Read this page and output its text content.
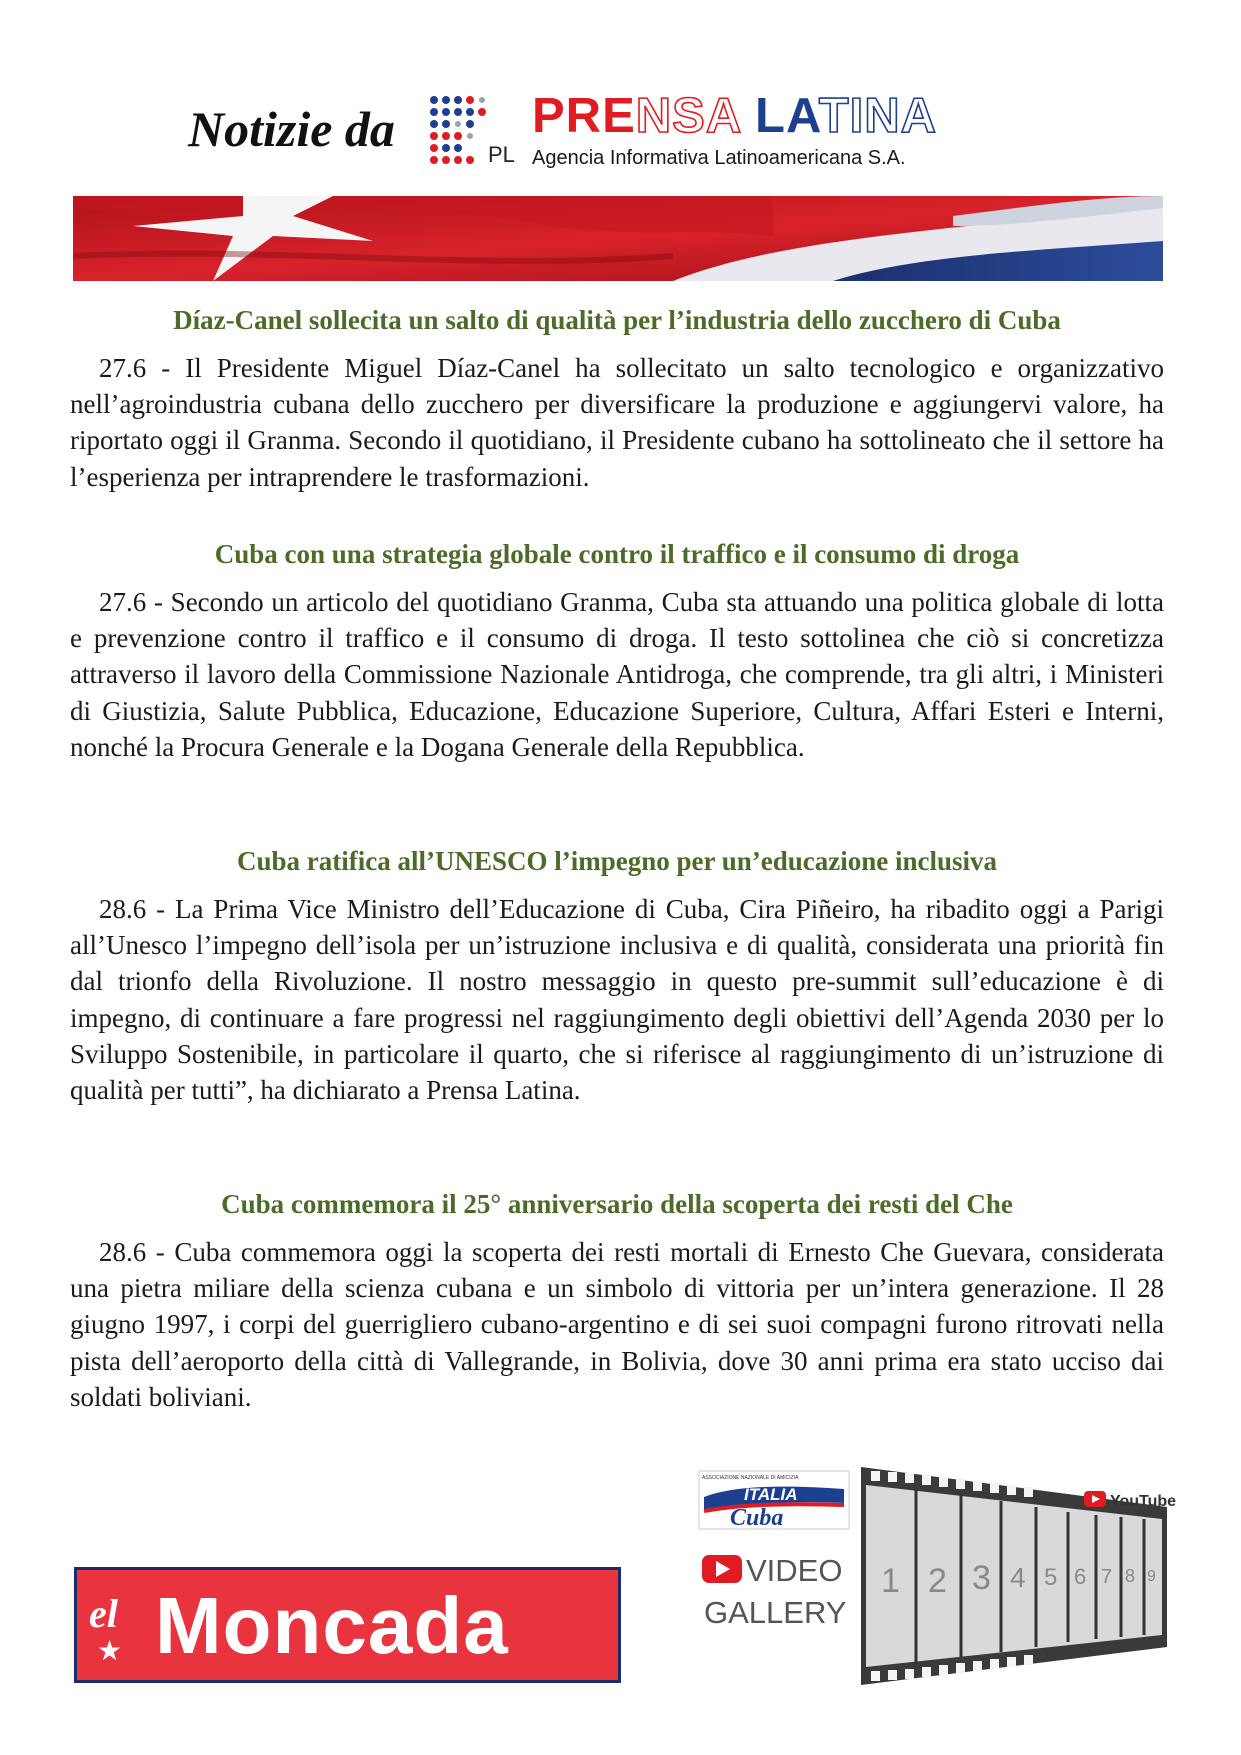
Notizie da	PL
PRENSA LATINA
Agencia Informativa Latinoamericana S.A.

Díaz-Canel sollecita un salto di qualità per l’industria dello zucchero di Cuba

27.6 - Il Presidente Miguel Díaz-Canel ha sollecitato un salto tecnologico e organizzativo nell’agroindustria cubana dello zucchero per diversificare la produzione e aggiungervi valore, ha riportato oggi il Granma. Secondo il quotidiano, il Presidente cubano ha sottolineato che il settore ha l’esperienza per intraprendere le trasformazioni.

Cuba con una strategia globale contro il traffico e il consumo di droga

27.6 - Secondo un articolo del quotidiano Granma, Cuba sta attuando una politica globale di lotta e prevenzione contro il traffico e il consumo di droga. Il testo sottolinea che ciò si concretizza attraverso il lavoro della Commissione Nazionale Antidroga, che comprende, tra gli altri, i Ministeri di Giustizia, Salute Pubblica, Educazione, Educazione Superiore, Cultura, Affari Esteri e Interni, nonché la Procura Generale e la Dogana Generale della Repubblica.

Cuba ratifica all’UNESCO l’impegno per un’educazione inclusiva

28.6 - La Prima Vice Ministro dell’Educazione di Cuba, Cira Piñeiro, ha ribadito oggi a Parigi all’Unesco l’impegno dell’isola per un’istruzione inclusiva e di qualità, considerata una priorità fin dal trionfo della Rivoluzione. Il nostro messaggio in questo pre-summit sull’educazione è di impegno, di continuare a fare progressi nel raggiungimento degli obiettivi dell’Agenda 2030 per lo Sviluppo Sostenibile, in particolare il quarto, che si riferisce al raggiungimento di un’istruzione di qualità per tutti”, ha dichiarato a Prensa Latina.

Cuba commemora il 25° anniversario della scoperta dei resti del Che

28.6 - Cuba commemora oggi la scoperta dei resti mortali di Ernesto Che Guevara, considerata una pietra miliare della scienza cubana e un simbolo di vittoria per un’intera generazione. Il 28 giugno 1997, i corpi del guerrigliero cubano-argentino e di sei suoi compagni furono ritrovati nella pista dell’aeroporto della città di Vallegrande, in Bolivia, dove 30 anni prima era stato ucciso dai soldati boliviani.

el
★ Moncada	1 2 3 4 5 6 7 8 9
ASSOCIAZIONE NAZIONALE DI AMICIZIA
ITALIA
Cuba
YouTube
VIDEO
GALLERY
